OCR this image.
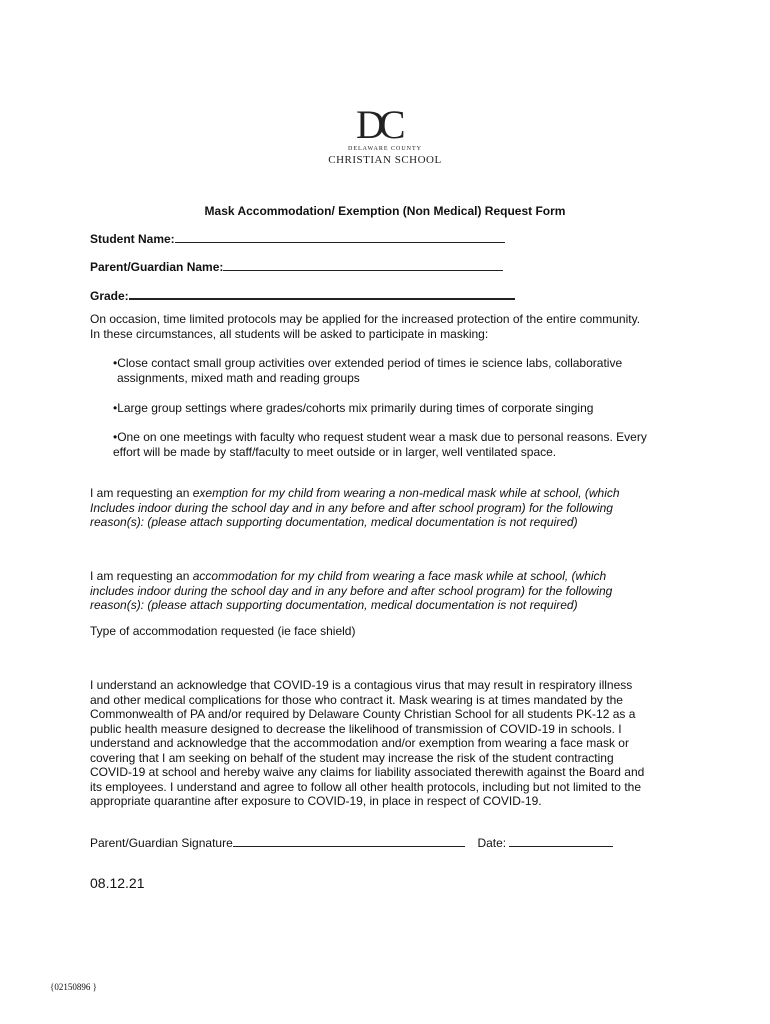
DC
DELAWARE COUNTY
CHRISTIAN SCHOOL
Mask Accommodation/ Exemption (Non Medical) Request Form
Student Name:
Parent/Guardian Name:
Grade:

On occasion, time limited protocols may be applied for the increased protection of the entire community.

In these circumstances, all students will be asked to participate in masking:

•Close contact small group activities over extended period of times ie science labs, collaborative
assignments, mixed math and reading groups
•Large group settings where grades/cohorts mix primarily during times of corporate singing
•One on one meetings with faculty who request student wear a mask due to personal reasons. Every
effort will be made by staff/faculty to meet outside or in larger, well ventilated space.

I am requesting an exemption for my child from wearing a non-medical mask while at school, (which

Includes indoor during the school day and in any before and after school program) for the following

reason(s): (please attach supporting documentation, medical documentation is not required)

I am requesting an accommodation for my child from wearing a face mask while at school, (which

includes indoor during the school day and in any before and after school program) for the following

reason(s): (please attach supporting documentation, medical documentation is not required)

Type of accommodation requested (ie face shield)

I understand an acknowledge that COVID-19 is a contagious virus that may result in respiratory illness

and other medical complications for those who contract it. Mask wearing is at times mandated by the

Commonwealth of PA and/or required by Delaware County Christian School for all students PK-12 as a

public health measure designed to decrease the likelihood of transmission of COVID-19 in schools. I

understand and acknowledge that the accommodation and/or exemption from wearing a face mask or

covering that I am seeking on behalf of the student may increase the risk of the student contracting

COVID-19 at school and hereby waive any claims for liability associated therewith against the Board and

its employees. I understand and agree to follow all other health protocols, including but not limited to the

appropriate quarantine after exposure to COVID-19, in place in respect of COVID-19.

Parent/Guardian Signature	Date:
08.12.21
{02150896 }
